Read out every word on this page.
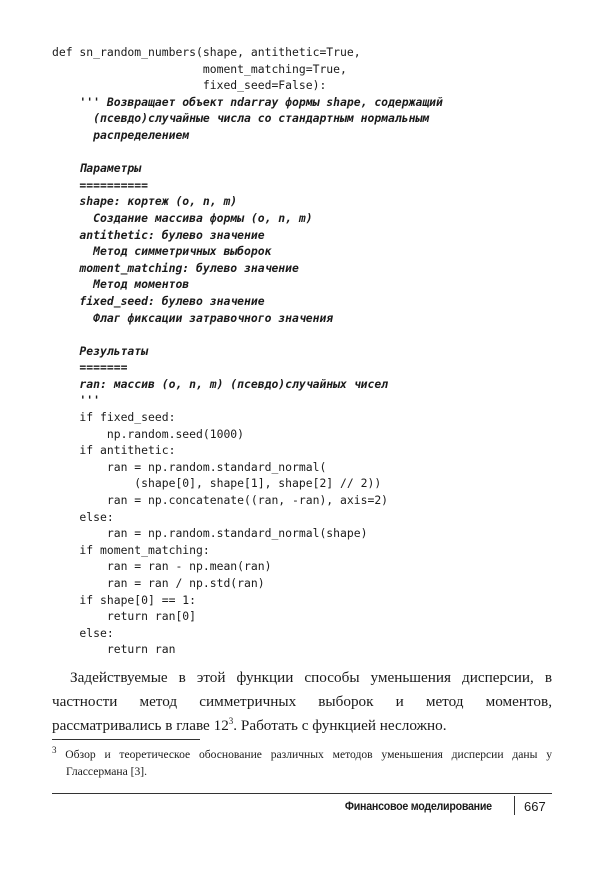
def sn_random_numbers(shape, antithetic=True,
moment_matching=True,
fixed_seed=False):
''' Возвращает объект ndarray формы shape, содержащий
(псевдо)случайные числа со стандартным нормальным
распределением
Параметры
==========
shape: кортеж (o, n, m)
Создание массива формы (o, n, m)
antithetic: булево значение
Метод симметричных выборок
moment_matching: булево значение
Метод моментов
fixed_seed: булево значение
Флаг фиксации затравочного значения
Результаты
=======
ran: массив (o, n, m) (псевдо)случайных чисел
'''
if fixed_seed:
np.random.seed(1000)
if antithetic:
ran = np.random.standard_normal(
(shape[0], shape[1], shape[2] // 2))
ran = np.concatenate((ran, -ran), axis=2)
else:
ran = np.random.standard_normal(shape)
if moment_matching:
ran = ran - np.mean(ran)
ran = ran / np.std(ran)
if shape[0] == 1:
return ran[0]
else:
return ran

Задействуемые в этой функции способы уменьшения дисперсии, в частности метод симметричных выборок и метод моментов, рассматривались в главе $12^3$. Работать с функцией несложно.

$^3$ Обзор и теоретическое обоснование различных методов уменьшения дисперсии даны у Глассермана [3].

Финансовое моделирование 667
